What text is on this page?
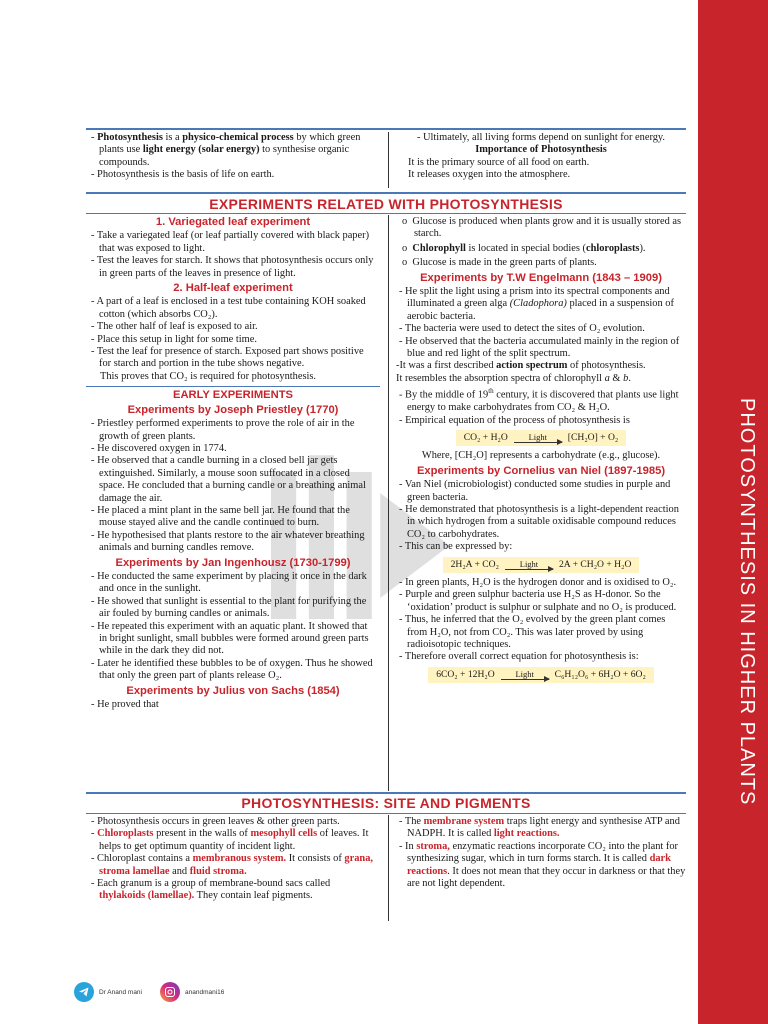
PHOTOSYNTHESIS IN HIGHER PLANTS

- Photosynthesis is a physico-chemical process by which green plants use light energy (solar energy) to synthesise organic compounds.

- Photosynthesis is the basis of life on earth.

- Ultimately, all living forms depend on sunlight for energy.

Importance of Photosynthesis

It is the primary source of all food on earth.

It releases oxygen into the atmosphere.

EXPERIMENTS RELATED WITH PHOTOSYNTHESIS
1. Variegated leaf experiment

- Take a variegated leaf (or leaf partially covered with black paper) that was exposed to light.

- Test the leaves for starch. It shows that photosynthesis occurs only in green parts of the leaves in presence of light.

2. Half-leaf experiment

- A part of a leaf is enclosed in a test tube containing KOH soaked cotton (which absorbs CO₂).

- The other half of leaf is exposed to air.

- Place this setup in light for some time.

- Test the leaf for presence of starch. Exposed part shows positive for starch and portion in the tube shows negative.

This proves that CO₂ is required for photosynthesis.

EARLY EXPERIMENTS
Experiments by Joseph Priestley (1770)

- Priestley performed experiments to prove the role of air in the growth of green plants.

- He discovered oxygen in 1774.

- He observed that a candle burning in a closed bell jar gets extinguished. Similarly, a mouse soon suffocated in a closed space. He concluded that a burning candle or a breathing animal damage the air.

- He placed a mint plant in the same bell jar. He found that the mouse stayed alive and the candle continued to burn.

- He hypothesised that plants restore to the air whatever breathing animals and burning candles remove.

Experiments by Jan Ingenhousz (1730-1799)

- He conducted the same experiment by placing it once in the dark and once in the sunlight.

- He showed that sunlight is essential to the plant for purifying the air fouled by burning candles or animals.

- He repeated this experiment with an aquatic plant. It showed that in bright sunlight, small bubbles were formed around green parts while in the dark they did not.

- Later he identified these bubbles to be of oxygen. Thus he showed that only the green part of plants release O₂.

Experiments by Julius von Sachs (1854)

- He proved that

o  Glucose is produced when plants grow and it is usually stored as starch.

o  Chlorophyll is located in special bodies (chloroplasts).

o  Glucose is made in the green parts of plants.

Experiments by T.W Engelmann (1843 – 1909)

- He split the light using a prism into its spectral components and illuminated a green alga (Cladophora) placed in a suspension of aerobic bacteria.

- The bacteria were used to detect the sites of O₂ evolution.

- He observed that the bacteria accumulated mainly in the region of blue and red light of the split spectrum.

-It was a first described action spectrum of photosynthesis.

It resembles the absorption spectra of chlorophyll a & b.

- By the middle of 19th century, it is discovered that plants use light energy to make carbohydrates from CO₂ & H₂O.

- Empirical equation of the process of photosynthesis is

CO₂ + H₂O Light [CH₂O] + O₂

Where, [CH₂O] represents a carbohydrate (e.g., glucose).

Experiments by Cornelius van Niel (1897-1985)

- Van Niel (microbiologist) conducted some studies in purple and green bacteria.

- He demonstrated that photosynthesis is a light-dependent reaction in which hydrogen from a suitable oxidisable compound reduces CO₂ to carbohydrates.

- This can be expressed by:

2H₂A + CO₂ Light 2A + CH₂O + H₂O

- In green plants, H₂O is the hydrogen donor and is oxidised to O₂.

- Purple and green sulphur bacteria use H₂S as H-donor. So the ‘oxidation’ product is sulphur or sulphate and no O₂ is produced.

- Thus, he inferred that the O₂ evolved by the green plant comes from H₂O, not from CO₂. This was later proved by using radioisotopic techniques.

- Therefore overall correct equation for photosynthesis is:

6CO₂ + 12H₂O Light C₆H₁₂O₆ + 6H₂O + 6O₂
PHOTOSYNTHESIS: SITE AND PIGMENTS

- Photosynthesis occurs in green leaves & other green parts.

- Chloroplasts present in the walls of mesophyll cells of leaves. It helps to get optimum quantity of incident light.

- Chloroplast contains a membranous system. It consists of grana, stroma lamellae and fluid stroma.

- Each granum is a group of membrane-bound sacs called thylakoids (lamellae). They contain leaf pigments.

- The membrane system traps light energy and synthesise ATP and NADPH. It is called light reactions.

- In stroma, enzymatic reactions incorporate CO₂ into the plant for synthesizing sugar, which in turn forms starch. It is called dark reactions. It does not mean that they occur in darkness or that they are not light dependent.

Dr Anand mani	anandmani16
